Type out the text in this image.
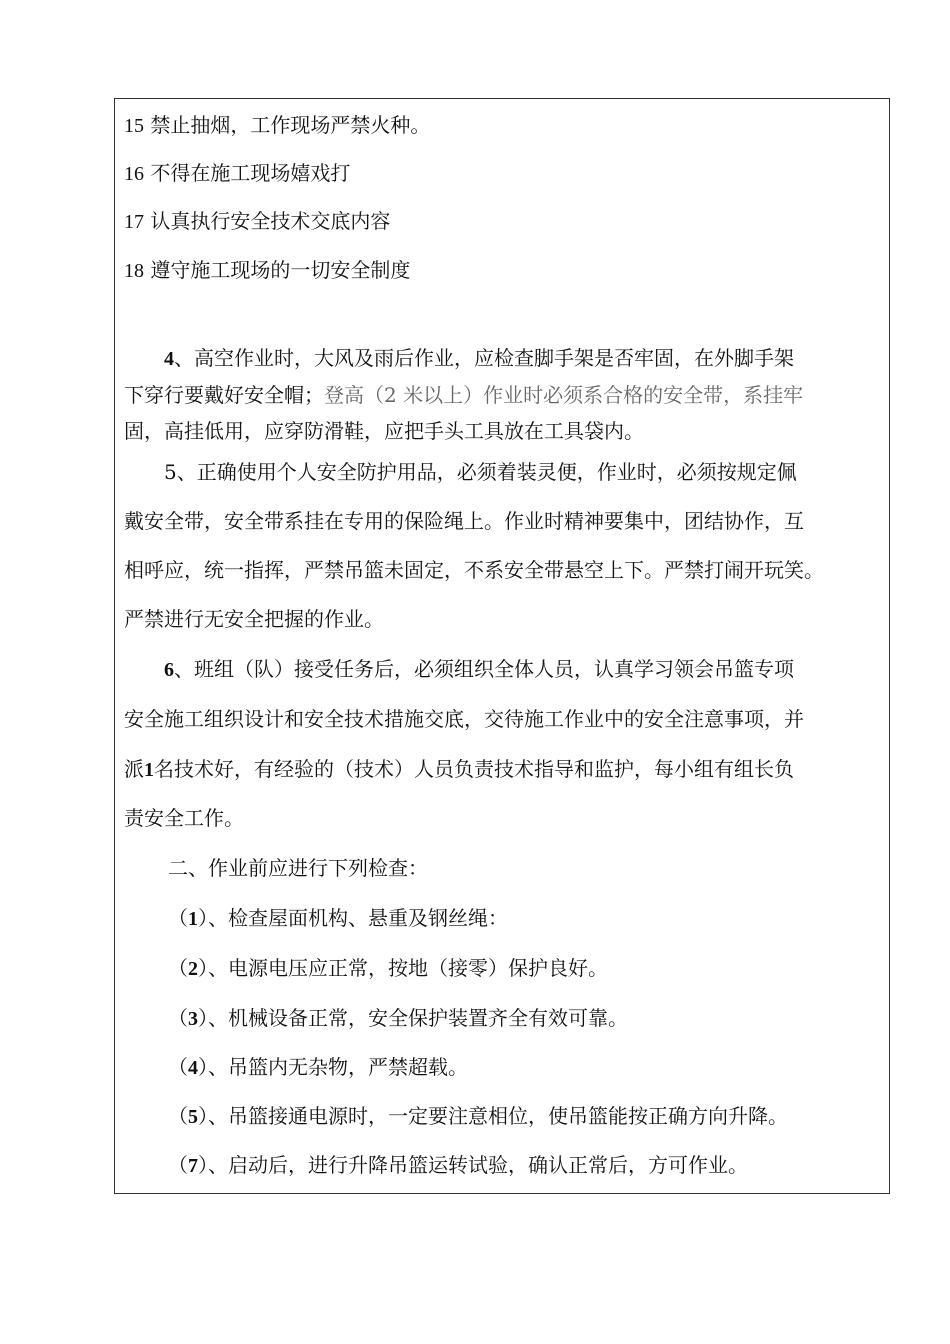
15 禁止抽烟，工作现场严禁火种。
16 不得在施工现场嬉戏打
17 认真执行安全技术交底内容
18 遵守施工现场的一切安全制度
4、高空作业时，大风及雨后作业，应检查脚手架是否牢固，在外脚手架
下穿行要戴好安全帽；登高（2 米以上）作业时必须系合格的安全带，系挂牢
固，高挂低用，应穿防滑鞋，应把手头工具放在工具袋内。
5、正确使用个人安全防护用品，必须着装灵便，作业时，必须按规定佩
戴安全带，安全带系挂在专用的保险绳上。作业时精神要集中，团结协作，互
相呼应，统一指挥，严禁吊篮未固定，不系安全带悬空上下。严禁打闹开玩笑。
严禁进行无安全把握的作业。
6、班组（队）接受任务后，必须组织全体人员，认真学习领会吊篮专项
安全施工组织设计和安全技术措施交底，交待施工作业中的安全注意事项，并
派1名技术好，有经验的（技术）人员负责技术指导和监护，每小组有组长负
责安全工作。
二、作业前应进行下列检查：
（1）、检查屋面机构、悬重及钢丝绳：
（2）、电源电压应正常，按地（接零）保护良好。
（3）、机械设备正常，安全保护装置齐全有效可靠。
（4）、吊篮内无杂物，严禁超载。
（5）、吊篮接通电源时，一定要注意相位，使吊篮能按正确方向升降。
（7）、启动后，进行升降吊篮运转试验，确认正常后，方可作业。
